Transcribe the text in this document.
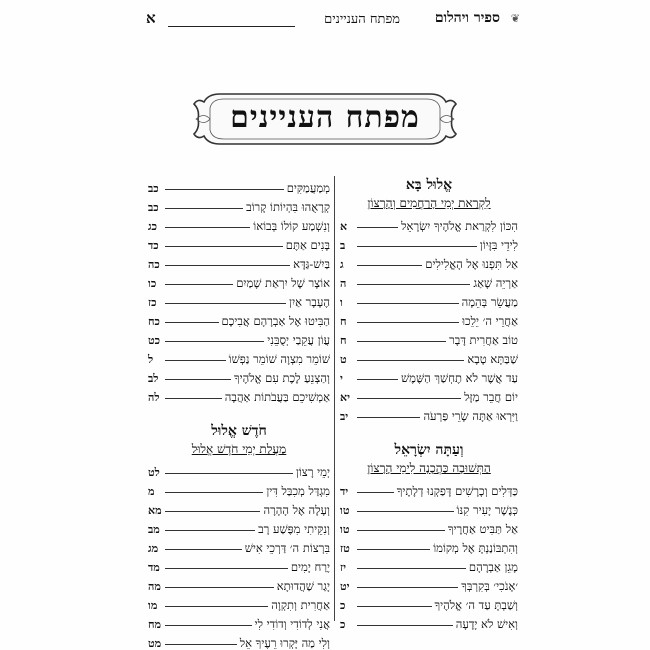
❦
ספיר ויהלום
מפתח העניינים
א
מפתח העניינים
אֱלוּל בָּא
לִקְרַאת יְמֵי הָרַחֲמִים וְהָרָצוֹן
הִכּוֹן לִקְרַאת אֱלֹהֶיךָ יִשְׂרָאֵל
א
לִידֵי בִּזָּיוֹן
ב
אַל תִּפְנוּ אֶל הָאֱלִילִים
ג
אַרְיֵה שָׁאַג
ה
מַעֲשֵׂר בְּהֵמָה
ו
אַחֲרֵי ה׳ יֵלֵכוּ
ח
טוֹב אַחֲרִית דָּבָר
ח
שַׁבַּתָּא טָבָא
ט
עַד אֲשֶׁר לֹא תֶחְשַׁךְ הַשֶּׁמֶשׁ
י
יוֹם חֲבֵר מַזָּל
יא
וַיִּרְאוּ אַתָּה שָׂרֵי פַּרְעֹה
יב
וְעַתָּה יִשְׂרָאֵל
הַתְּשׁוּבָה כַּהֲכָנָה לִימֵי הָרָצוֹן
כַּדְּלִים וְכָרָשִׁים דָּפַקְנוּ דְלָתֶיךָ
יד
כְּנֶשֶׁר יָעִיר קִנּוֹ
טו
אַל תַּבִּיט אַחֲרֶיךָ
טו
וְהִתְבּוֹנַנְתָּ אֶל מְקוֹמוֹ
טז
מָגֵן אַבְרָהָם
יז
׳אָנֹכִי׳ בְּקִרְבְּךָ
יט
וְשַׁבְתָּ עַד ה׳ אֱלֹהֶיךָ
כ
וְאִישׁ לֹא יָדָעָה
כ
מְמַעֲמַקִּים
כב
קְרָאֻהוּ בִּהְיוֹתוֹ קָרוֹב
כב
וְנִשְׁמַע קוֹלוֹ בְּבוֹאוֹ
כג
בָּנִים אַתֶּם
כד
בַּיִשׁ-גַּדָּא
כה
אוֹצָר שֶׁל יִרְאַת שָׁמַיִם
כו
הֶעָבָר אַיִן
כז
הַבִּיטוּ אֶל אַבְרָהָם אֲבִיכֶם
כח
עֲוֹן עֲקֵבַי יְסֻבֵּנִי
כט
שׁוֹמֵר מִצְוָה שׁוֹמֵר נַפְשׁוֹ
ל
וְהַצְנֵעַ לֶכֶת עִם אֱלֹהֶיךָ
לב
אַמְשִׁיכֵם בַּעֲבֹתוֹת אַהֲבָה
לה
חֹדֶשׁ אֱלוּל
מַעֲלַת יְמֵי חֹדֶשׁ אֱלוּל
יְמֵי רָצוֹן
לט
מִגְדַּל מְכִבַּל דִּין
מ
וְעָלָה אֶל הָהָרָה
מא
וְנִקֵּיתִי מִפֶּשַׁע רָב
מב
בִּרְצוֹת ה׳ דַּרְכֵי אִישׁ
מג
יֶרַח יָמִים
מד
יָגַר שַׁהֲדוּתָא
מה
אַחֲרִית וְתִקְוָה
מו
אֲנִי לְדוֹדִי וְדוֹדִי לִי
מח
וְלִי מַה יָּקְרוּ רֵעֶיךָ אֵל
מט
